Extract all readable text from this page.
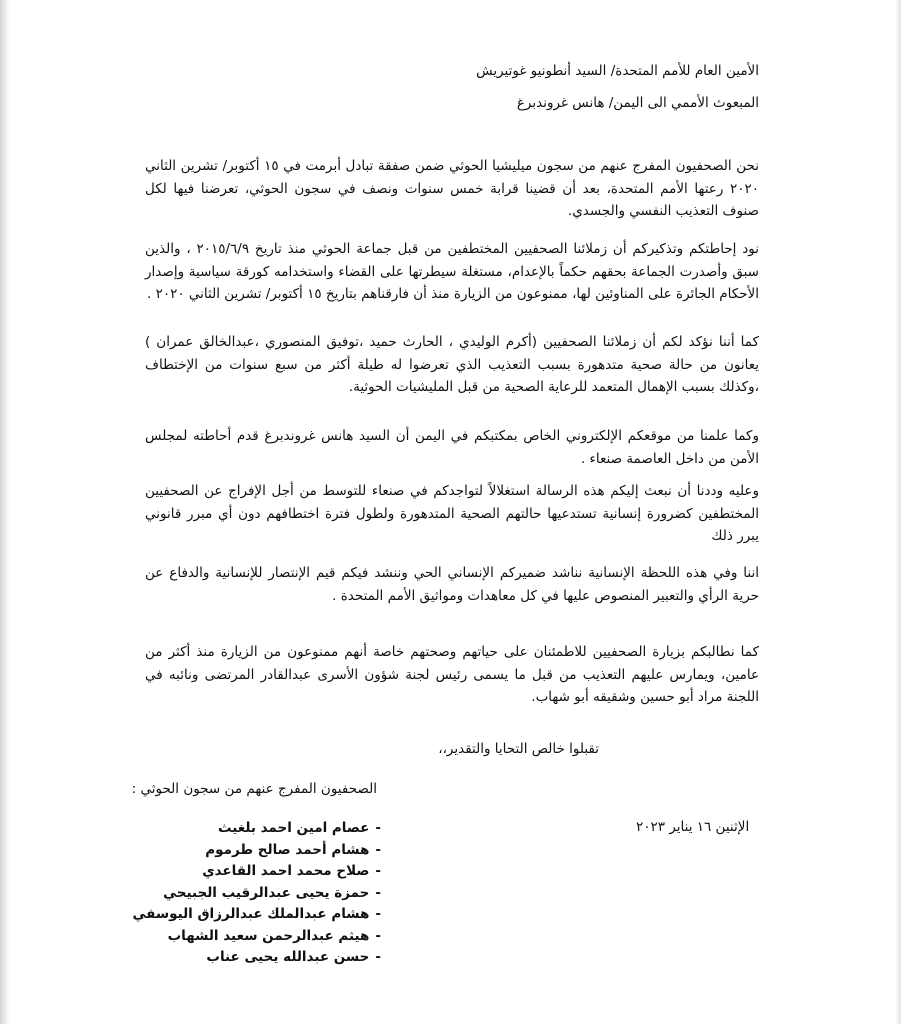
الأمين العام للأمم المتحدة/ السيد أنطونيو غوتيريش
المبعوث الأممي الى اليمن/ هانس غروندبرغ
نحن الصحفيون المفرج عنهم من سجون ميليشيا الحوثي ضمن صفقة تبادل أبرمت في ١٥ أكتوبر/ تشرين الثاني ٢٠٢٠ رعتها الأمم المتحدة، بعد أن قضينا قرابة خمس سنوات ونصف في سجون الحوثي، تعرضنا فيها لكل صنوف التعذيب النفسي والجسدي.
نود إحاطتكم وتذكيركم أن زملائنا الصحفيين المختطفين من قبل جماعة الحوثي منذ تاريخ ٢٠١٥/٦/٩ ، والذين سبق وأصدرت الجماعة بحقهم حكماً بالإعدام، مستغلة سيطرتها على القضاء واستخدامه كورقة سياسية وإصدار الأحكام الجائرة على المناوئين لها، ممنوعون من الزيارة منذ أن فارقناهم بتاريخ ١٥ أكتوبر/ تشرين الثاني ٢٠٢٠ .
كما أننا نؤكد لكم أن زملائنا الصحفيين (أكرم الوليدي ، الحارث حميد ،توفيق المنصوري ،عبدالخالق عمران ) يعانون من حالة صحية متدهورة بسبب التعذيب الذي تعرضوا له طيلة أكثر من سبع سنوات من الإختطاف ،وكذلك بسبب الإهمال المتعمد للرعاية الصحية من قبل المليشيات الحوثية.
وكما علمنا من موقعكم الإلكتروني الخاص بمكتبكم في اليمن أن السيد هانس غروندبرغ قدم أحاطته لمجلس الأمن من داخل العاصمة صنعاء .
وعليه وددنا أن نبعث إليكم هذه الرسالة استغلالاً لتواجدكم في صنعاء للتوسط من أجل الإفراج عن الصحفيين المختطفين كضرورة إنسانية تستدعيها حالتهم الصحية المتدهورة ولطول فترة اختطافهم دون أي مبرر قانوني يبرر ذلك
اننا وفي هذه اللحظة الإنسانية نناشد ضميركم الإنساني الحي وننشد فيكم قيم الإنتصار للإنسانية والدفاع عن حرية الرأي والتعبير المنصوص عليها في كل معاهدات ومواثيق الأمم المتحدة .
كما نطالبكم بزيارة الصحفيين للاطمئنان على حياتهم وصحتهم خاصة أنهم ممنوعون من الزيارة منذ أكثر من عامين، ويمارس عليهم التعذيب من قبل ما يسمى رئيس لجنة شؤون الأسرى عبدالقادر المرتضى ونائبه في اللجنة مراد أبو حسين وشقيقه أبو شهاب.
تقبلوا خالص التحايا والتقدير،،
الصحفيون المفرج عنهم من سجون الحوثي :
الإثنين ١٦ يناير ٢٠٢٣
-عصام امين احمد بلغيث
-هشام أحمد صالح طرموم
-صلاح محمد احمد القاعدي
-حمزة يحيى عبدالرقيب الجبيحي
-هشام عبدالملك عبدالرزاق اليوسفي
-هيثم عبدالرحمن سعيد الشهاب
-حسن عبدالله يحيى عناب
